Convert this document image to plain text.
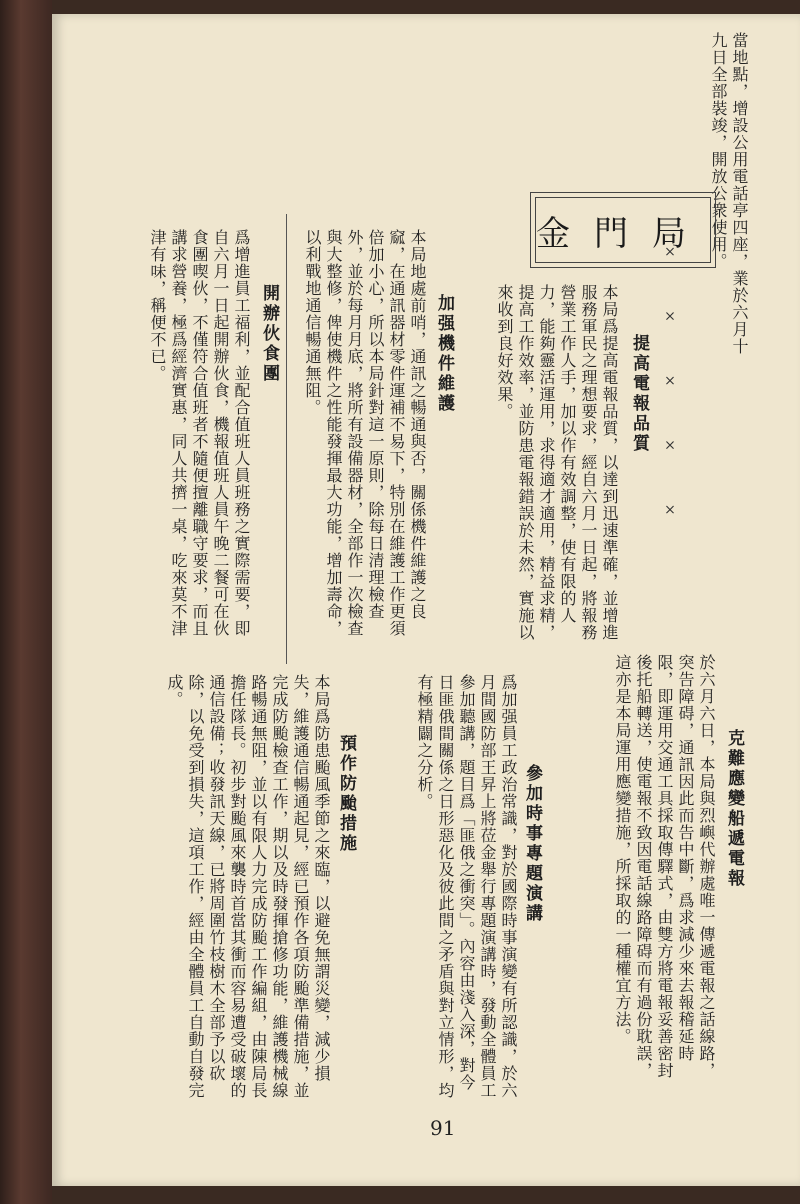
當地點，增設公用電話亭四座，業於六月十九日全部裝竣，開放公衆使用。
× × × × ×
金門局
提高電報品質
本局爲提高電報品質，以達到迅速準確，並增進服務軍民之理想要求，經自六月一日起，將報務營業工作人手，加以作有效調整，使有限的人力，能夠靈活運用，求得適才適用，精益求精，提高工作效率，並防患電報錯誤於未然，實施以來收到良好效果。
加强機件維護
本局地處前哨，通訊之暢通與否，關係機件維護之良窳，在通訊器材零件運補不易下，特別在維護工作更須倍加小心，所以本局針對這一原則，除每日清理檢查外，並於每月月底，將所有設備器材，全部作一次檢查與大整修，俾使機件之性能發揮最大功能，增加壽命，以利戰地通信暢通無阻。
開辦伙食團
爲增進員工福利，並配合值班人員班務之實際需要，即自六月一日起開辦伙食，機報值班人員午晚二餐可在伙食團喫伙，不僅符合值班者不隨便擅離職守要求，而且講求營養，極爲經濟實惠，同人共擠一桌，吃來莫不津津有味，稱便不已。
克難應變船遞電報
於六月六日，本局與烈嶼代辦處唯一傳遞電報之話線路，突告障碍，通訊因此而告中斷，爲求減少來去報稽延時限，即運用交通工具採取傳驛式，由雙方將電報妥善密封後托船轉送，使電報不致因電話線路障碍而有過份耽誤，這亦是本局運用應變措施，所採取的一種權宜方法。
參加時事專題演講
爲加强員工政治常識，對於國際時事演變有所認識，於六月間國防部王昇上將莅金舉行專題演講時，發動全體員工參加聽講，題目爲「匪俄之衝突」。內容由淺入深，對今日匪俄間關係之日形惡化及彼此間之矛盾與對立情形，均有極精闢之分析。
預作防颱措施
本局爲防患颱風季節之來臨，以避免無謂災變，減少損失，維護通信暢通起見，經已預作各項防颱準備措施，並完成防颱檢查工作，期以及時發揮搶修功能，維護機械線路暢通無阻，並以有限人力完成防颱工作編組，由陳局長擔任隊長。初步對颱風來襲時首當其衝而容易遭受破壞的通信設備；收發訊天線，已將周圍竹枝樹木全部予以砍除，以免受到損失，這項工作，經由全體員工自動自發完成。
91
